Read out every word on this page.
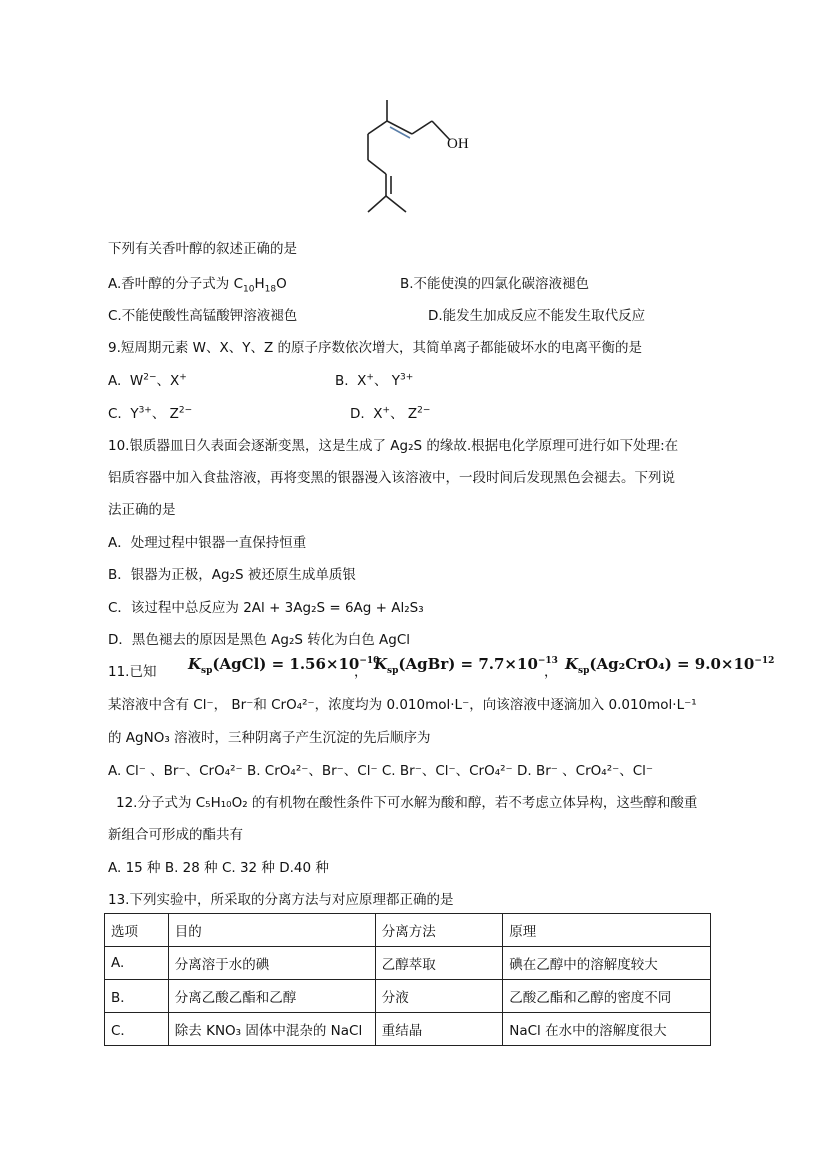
OH
下列有关香叶醇的叙述正确的是
A.香叶醇的分子式为 $C_{10}H_{18}O$	B.不能使溴的四氯化碳溶液褪色
C.不能使酸性高锰酸钾溶液褪色	D.能发生加成反应不能发生取代反应
9.短周期元素 W、X、Y、Z 的原子序数依次增大，其简单离子都能破坏水的电离平衡的是
A. $W^{2-}$、X+	B. X+、 $Y^{3+}$
C. $Y^{3+}$、 $Z^{2-}$	D. X+、 $Z^{2-}$
10.银质器皿日久表面会逐渐变黑，这是生成了 Ag₂S 的缘故.根据电化学原理可进行如下处理:在
铝质容器中加入食盐溶液，再将变黑的银器漫入该溶液中，一段时间后发现黑色会褪去。下列说
法正确的是
A．处理过程中银器一直保持恒重
B．银器为正极，Ag₂S 被还原生成单质银
C．该过程中总反应为 2Al + 3Ag₂S = 6Ag + Al₂S₃
D．黑色褪去的原因是黑色 Ag₂S 转化为白色 AgCl
11.已知 $K_{sp}(AgCl) = 1.56\times 10^{-10}$
， $K_{sp}(AgBr) = 7.7\times 10^{-13}$
， $K_{sp}(Ag_2CrO_4) = 9.0\times 10^{-12}$
某溶液中含有 Cl⁻， Br⁻和 CrO₄²⁻，浓度均为 0.010mol·L⁻，向该溶液中逐滴加入 0.010mol·L⁻¹
的 AgNO₃ 溶液时，三种阴离子产生沉淀的先后顺序为
A. Cl⁻ 、Br⁻、CrO₄²⁻ B. CrO₄²⁻、Br⁻、Cl⁻ C. Br⁻、Cl⁻、CrO₄²⁻ D. Br⁻ 、CrO₄²⁻、Cl⁻
12.分子式为 C₅H₁₀O₂ 的有机物在酸性条件下可水解为酸和醇，若不考虑立体异构，这些醇和酸重
新组合可形成的酯共有
A. 15 种 B. 28 种 C. 32 种 D.40 种
13.下列实验中，所采取的分离方法与对应原理都正确的是
选项	目的	分离方法	原理
A.	分离溶于水的碘	乙醇萃取	碘在乙醇中的溶解度较大
B．	分离乙酸乙酯和乙醇	分液	乙酸乙酯和乙醇的密度不同
C．	除去 KNO₃ 固体中混杂的 NaCl	重结晶	NaCl 在水中的溶解度很大
